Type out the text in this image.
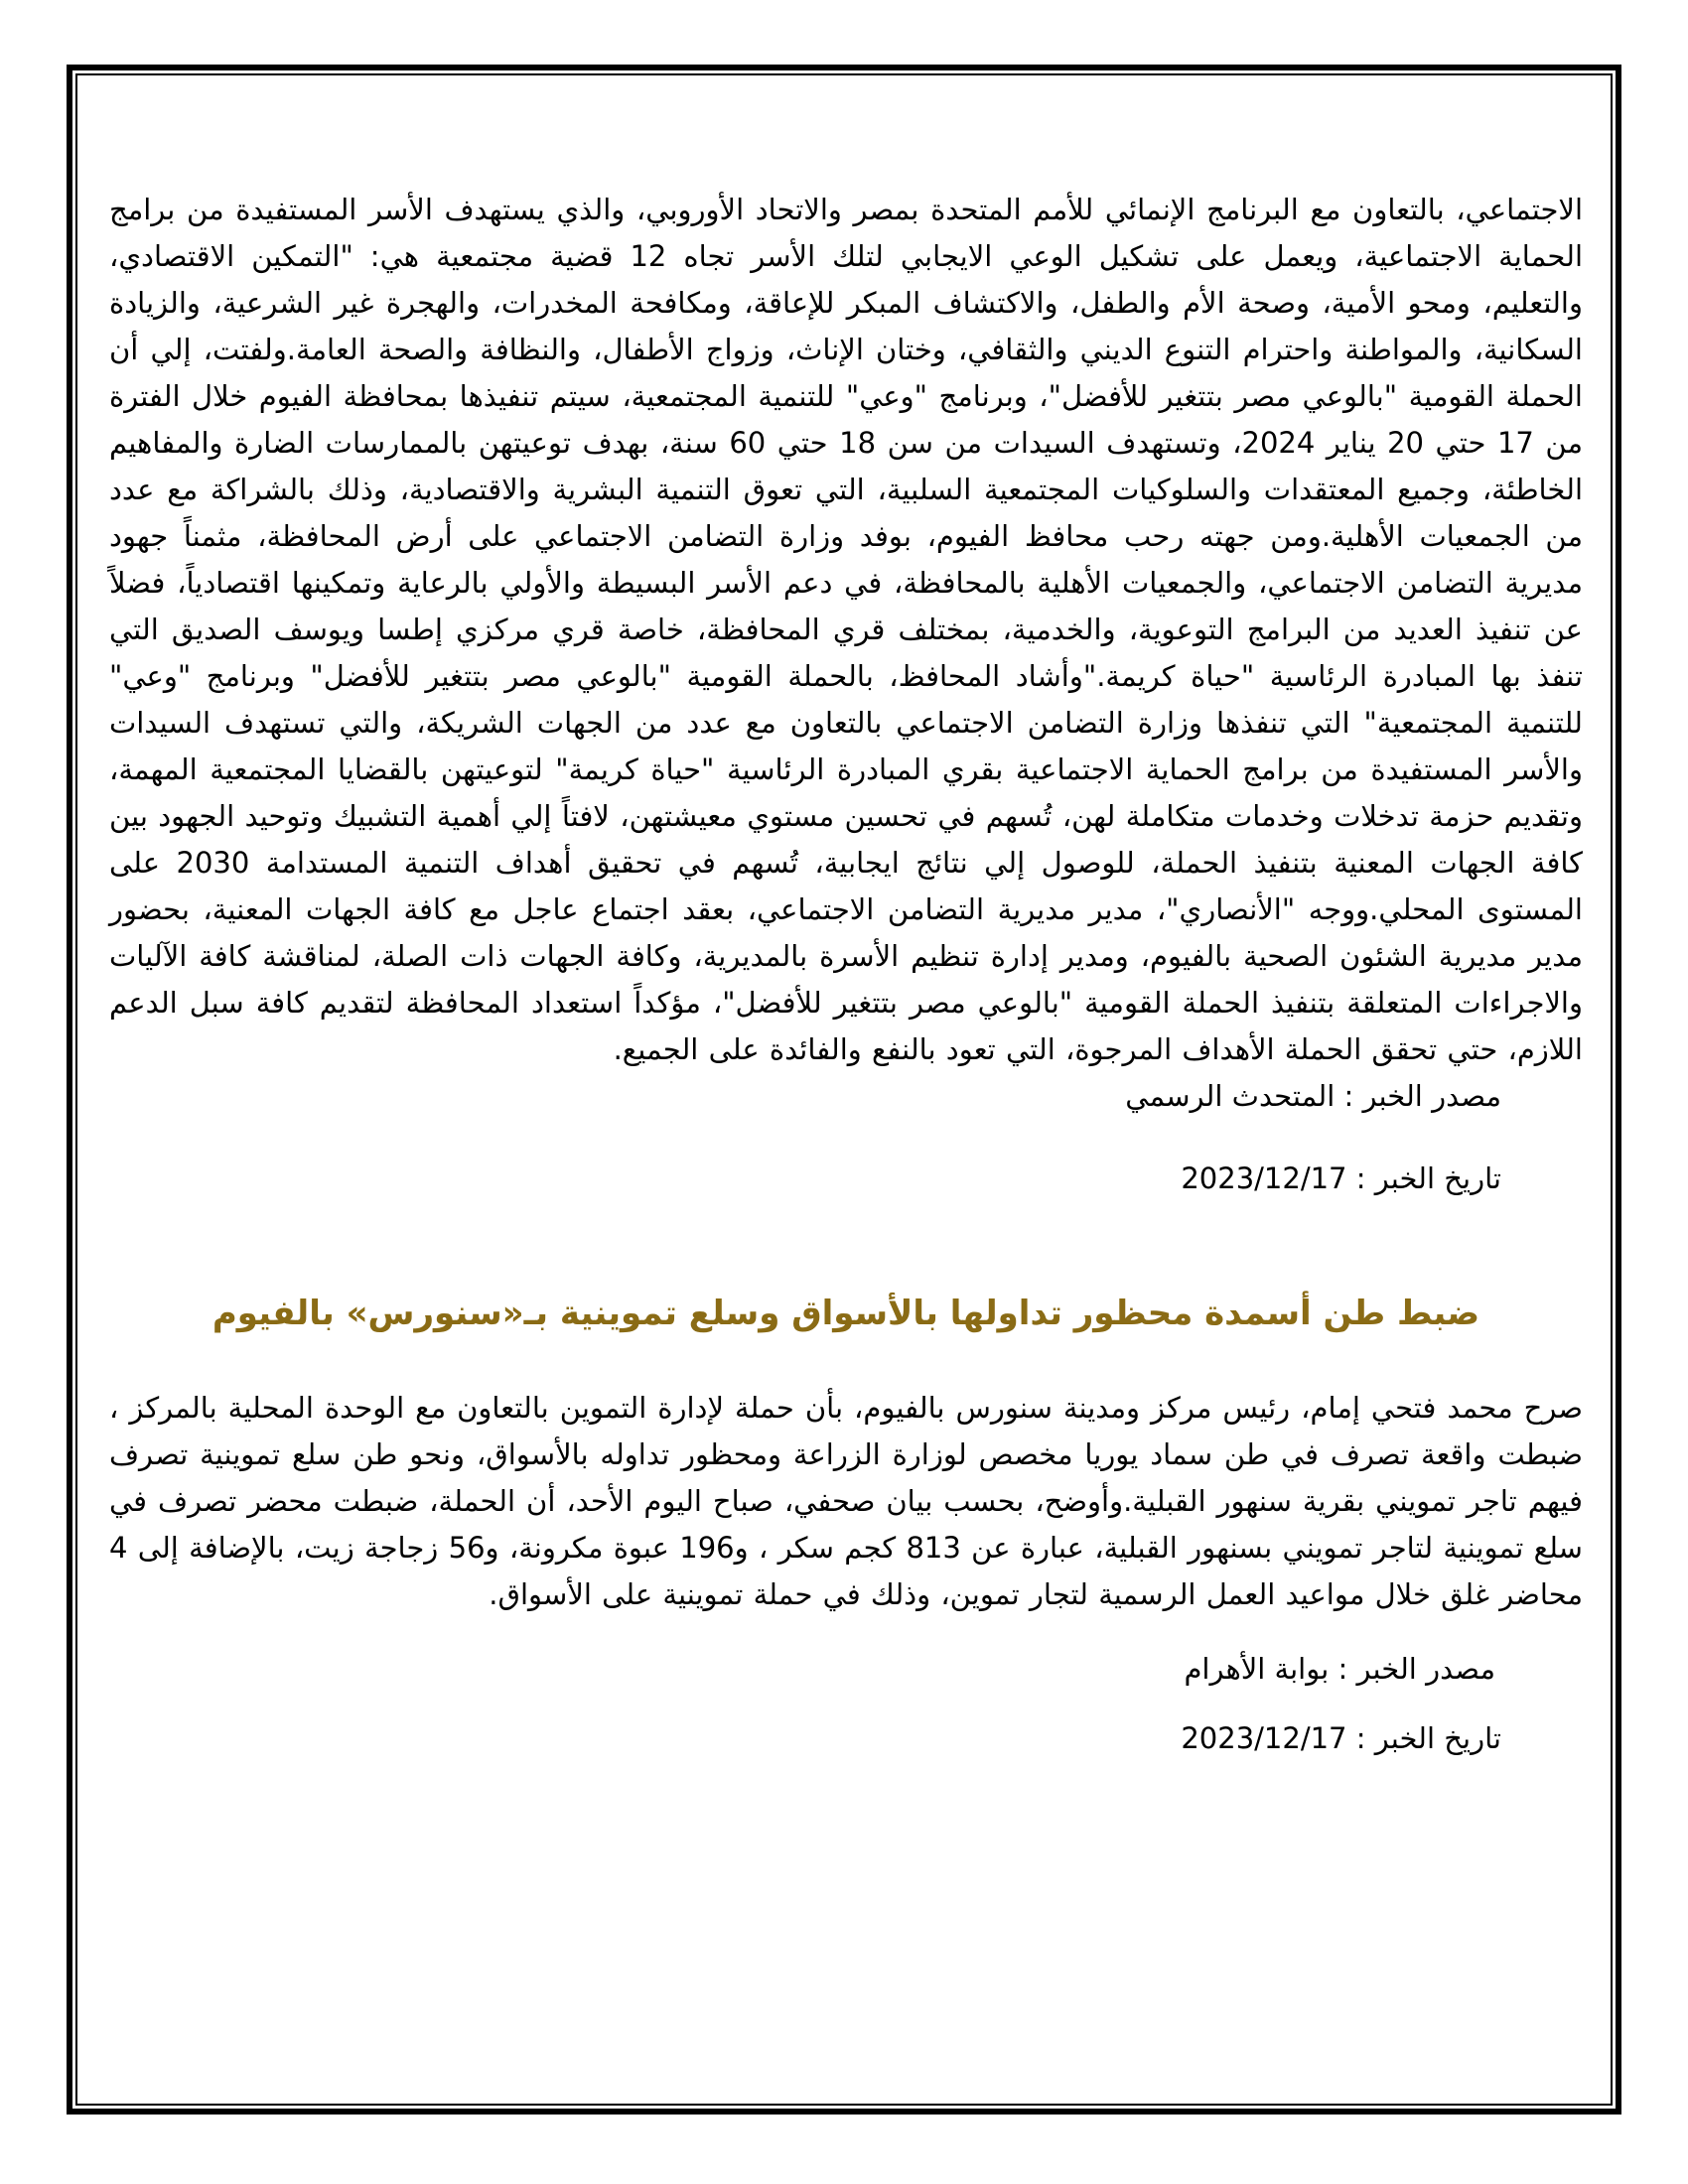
الاجتماعي، بالتعاون مع البرنامج الإنمائي للأمم المتحدة بمصر والاتحاد الأوروبي، والذي يستهدف الأسر المستفيدة من برامج الحماية الاجتماعية، ويعمل على تشكيل الوعي الايجابي لتلك الأسر تجاه 12 قضية مجتمعية هي: "التمكين الاقتصادي، والتعليم، ومحو الأمية، وصحة الأم والطفل، والاكتشاف المبكر للإعاقة، ومكافحة المخدرات، والهجرة غير الشرعية، والزيادة السكانية، والمواطنة واحترام التنوع الديني والثقافي، وختان الإناث، وزواج الأطفال، والنظافة والصحة العامة.ولفتت، إلي أن الحملة القومية "بالوعي مصر بتتغير للأفضل"، وبرنامج "وعي" للتنمية المجتمعية، سيتم تنفيذها بمحافظة الفيوم خلال الفترة من 17 حتي 20 يناير 2024، وتستهدف السيدات من سن 18 حتي 60 سنة، بهدف توعيتهن بالممارسات الضارة والمفاهيم الخاطئة، وجميع المعتقدات والسلوكيات المجتمعية السلبية، التي تعوق التنمية البشرية والاقتصادية، وذلك بالشراكة مع عدد من الجمعيات الأهلية.ومن جهته رحب محافظ الفيوم، بوفد وزارة التضامن الاجتماعي على أرض المحافظة، مثمناً جهود مديرية التضامن الاجتماعي، والجمعيات الأهلية بالمحافظة، في دعم الأسر البسيطة والأولي بالرعاية وتمكينها اقتصادياً، فضلاً عن تنفيذ العديد من البرامج التوعوية، والخدمية، بمختلف قري المحافظة، خاصة قري مركزي إطسا ويوسف الصديق التي تنفذ بها المبادرة الرئاسية "حياة كريمة."وأشاد المحافظ، بالحملة القومية "بالوعي مصر بتتغير للأفضل" وبرنامج "وعي" للتنمية المجتمعية" التي تنفذها وزارة التضامن الاجتماعي بالتعاون مع عدد من الجهات الشريكة، والتي تستهدف السيدات والأسر المستفيدة من برامج الحماية الاجتماعية بقري المبادرة الرئاسية "حياة كريمة" لتوعيتهن بالقضايا المجتمعية المهمة، وتقديم حزمة تدخلات وخدمات متكاملة لهن، تُسهم في تحسين مستوي معيشتهن، لافتاً إلي أهمية التشبيك وتوحيد الجهود بين كافة الجهات المعنية بتنفيذ الحملة، للوصول إلي نتائج ايجابية، تُسهم في تحقيق أهداف التنمية المستدامة 2030 على المستوى المحلي.ووجه "الأنصاري"، مدير مديرية التضامن الاجتماعي، بعقد اجتماع عاجل مع كافة الجهات المعنية، بحضور مدير مديرية الشئون الصحية بالفيوم، ومدير إدارة تنظيم الأسرة بالمديرية، وكافة الجهات ذات الصلة، لمناقشة كافة الآليات والاجراءات المتعلقة بتنفيذ الحملة القومية "بالوعي مصر بتتغير للأفضل"، مؤكداً استعداد المحافظة لتقديم كافة سبل الدعم اللازم، حتي تحقق الحملة الأهداف المرجوة، التي تعود بالنفع والفائدة على الجميع.

مصدر الخبر : المتحدث الرسمي

تاريخ الخبر : 2023/12/17

ضبط طن أسمدة محظور تداولها بالأسواق وسلع تموينية بـ«سنورس» بالفيوم

صرح محمد فتحي إمام، رئيس مركز ومدينة سنورس بالفيوم، بأن حملة لإدارة التموين بالتعاون مع الوحدة المحلية بالمركز ، ضبطت واقعة تصرف في طن سماد يوريا مخصص لوزارة الزراعة ومحظور تداوله بالأسواق، ونحو طن سلع تموينية تصرف فيهم تاجر تمويني بقرية سنهور القبلية.وأوضح، بحسب بيان صحفي، صباح اليوم الأحد، أن الحملة، ضبطت محضر تصرف في سلع تموينية لتاجر تمويني بسنهور القبلية، عبارة عن 813 كجم سكر ، و196 عبوة مكرونة، و56 زجاجة زيت، بالإضافة إلى 4 محاضر غلق خلال مواعيد العمل الرسمية لتجار تموين، وذلك في حملة تموينية على الأسواق.

مصدر الخبر : بوابة الأهرام

تاريخ الخبر : 2023/12/17
